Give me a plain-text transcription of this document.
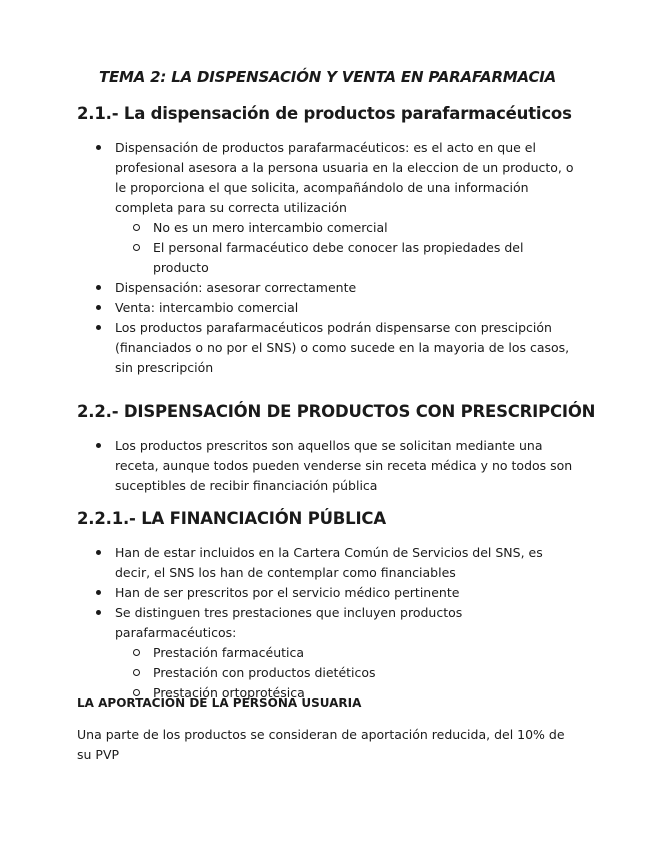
TEMA 2: LA DISPENSACIÓN Y VENTA EN PARAFARMACIA
2.1.- La dispensación de productos parafarmacéuticos
Dispensación de productos parafarmacéuticos: es el acto en que el profesional asesora a la persona usuaria en la eleccion de un producto, o le proporciona el que solicita, acompañándolo de una información completa para su correcta utilización
No es un mero intercambio comercial
El personal farmacéutico debe conocer las propiedades del producto
Dispensación: asesorar correctamente
Venta: intercambio comercial
Los productos parafarmacéuticos podrán dispensarse con prescipción (financiados o no por el SNS) o como sucede en la mayoria de los casos, sin prescripción
2.2.- DISPENSACIÓN DE PRODUCTOS CON PRESCRIPCIÓN
Los productos prescritos son aquellos que se solicitan mediante una receta, aunque todos pueden venderse sin receta médica y no todos son suceptibles de recibir financiación pública
2.2.1.- LA FINANCIACIÓN PÚBLICA
Han de estar incluidos en la Cartera Común de Servicios del SNS, es decir, el SNS los han de contemplar como financiables
Han de ser prescritos por el servicio médico pertinente
Se distinguen tres prestaciones que incluyen productos parafarmacéuticos:
Prestación farmacéutica
Prestación con productos dietéticos
Prestación ortoprotésica
LA APORTACIÓN DE LA PERSONA USUARIA

Una parte de los productos se consideran de aportación reducida, del 10% de su PVP
